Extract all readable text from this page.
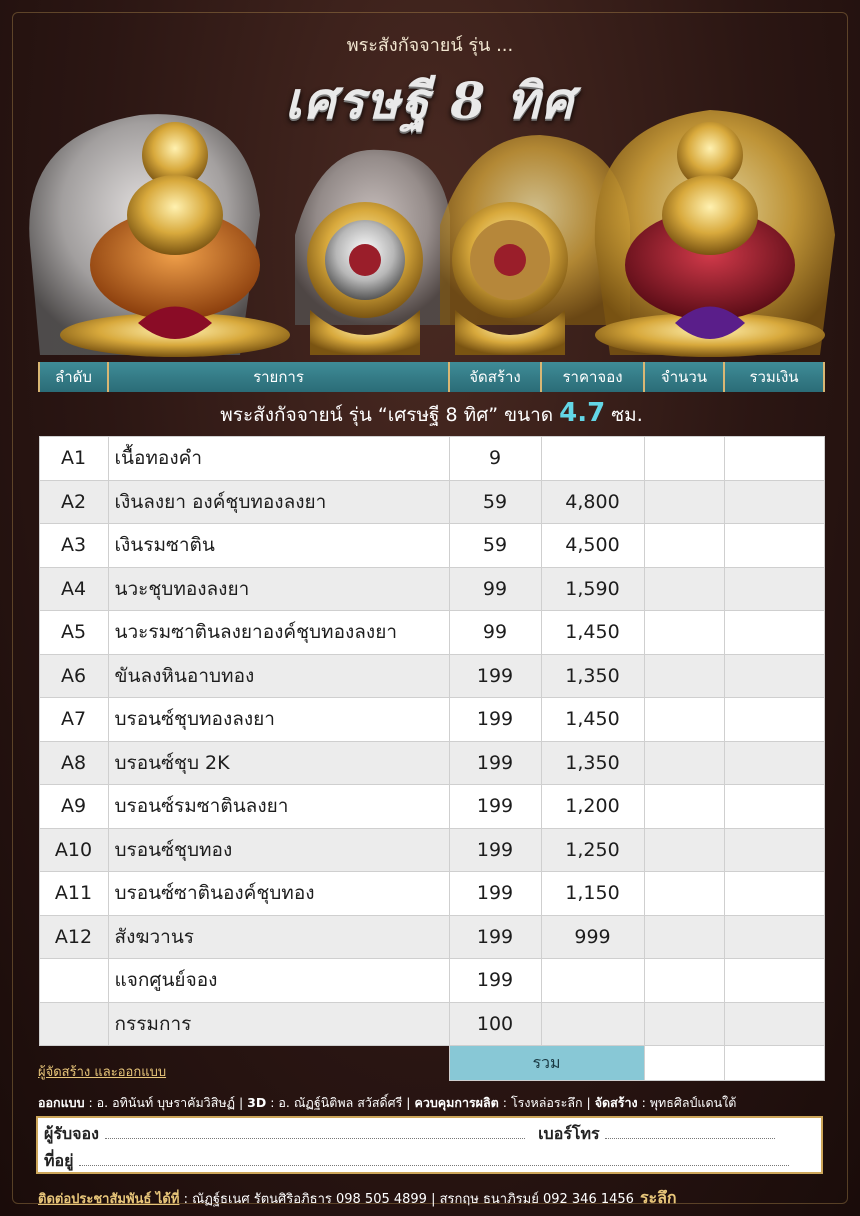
พระสังกัจจายน์ รุ่น ...
เศรษฐี 8 ทิศ
ลำดับ	รายการ	จัดสร้าง	ราคาจอง	จำนวน	รวมเงิน
พระสังกัจจายน์ รุ่น “เศรษฐี 8 ทิศ” ขนาด 4.7 ซม.					
A1	เนื้อทองคำ	9			
A2	เงินลงยา องค์ชุบทองลงยา	59	4,800		
A3	เงินรมซาติน	59	4,500		
A4	นวะชุบทองลงยา	99	1,590		
A5	นวะรมซาตินลงยาองค์ชุบทองลงยา	99	1,450		
A6	ขันลงหินอาบทอง	199	1,350		
A7	บรอนซ์ชุบทองลงยา	199	1,450		
A8	บรอนซ์ชุบ 2K	199	1,350		
A9	บรอนซ์รมซาตินลงยา	199	1,200		
A10	บรอนซ์ชุบทอง	199	1,250		
A11	บรอนซ์ซาตินองค์ชุบทอง	199	1,150		
A12	สังฆวานร	199	999		
	แจกศูนย์จอง	199			
	กรรมการ	100			
		รวม			
ผู้จัดสร้าง และออกแบบ
ออกแบบ : อ. อทินันท์ บุษราคัมวิสิษฏ์ | 3D : อ. ณัฏฐ์นิติพล สวัสดิ์ศรี | ควบคุมการผลิต : โรงหล่อระลึก | จัดสร้าง : พุทธศิลป์แดนใต้
ผู้รับจอง	เบอร์โทร
ที่อยู่
ติดต่อประชาสัมพันธ์ ได้ที่ : ณัฏฐ์ธเนศ รัตนศิริอภิธาร 098 505 4899 | สรกฤษ ธนาภิรมย์ 092 346 1456 ระลึก
